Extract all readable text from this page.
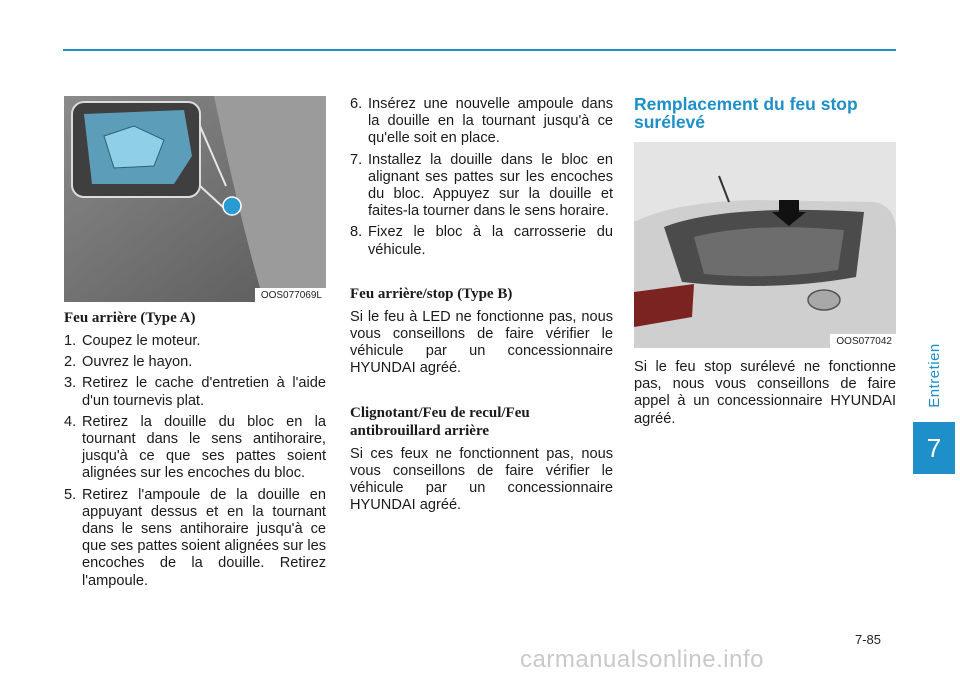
Entretien
7
OOS077069L
Feu arrière (Type A)
1. Coupez le moteur.
2. Ouvrez le hayon.
3. Retirez le cache d'entretien à l'aide d'un tournevis plat.
4. Retirez la douille du bloc en la tournant dans le sens antihoraire, jusqu'à ce que ses pattes soient alignées sur les encoches du bloc.
5. Retirez l'ampoule de la douille en appuyant dessus et en la tournant dans le sens antihoraire jusqu'à ce que ses pattes soient alignées sur les encoches de la douille. Retirez l'ampoule.
6. Insérez une nouvelle ampoule dans la douille en la tournant jusqu'à ce qu'elle soit en place.
7. Installez la douille dans le bloc en alignant ses pattes sur les encoches du bloc. Appuyez sur la douille et faites-la tourner dans le sens horaire.
8. Fixez le bloc à la carrosserie du véhicule.
Feu arrière/stop (Type B)

Si le feu à LED ne fonctionne pas, nous vous conseillons de faire vérifier le véhicule par un concessionnaire HYUNDAI agréé.

Clignotant/Feu de recul/Feu antibrouillard arrière

Si ces feux ne fonctionnent pas, nous vous conseillons de faire vérifier le véhicule par un concessionnaire HYUNDAI agréé.

Remplacement du feu stop surélevé
OOS077042

Si le feu stop surélevé ne fonctionne pas, nous vous conseillons de faire appel à un concessionnaire HYUNDAI agréé.

7-85
carmanualsonline.info
